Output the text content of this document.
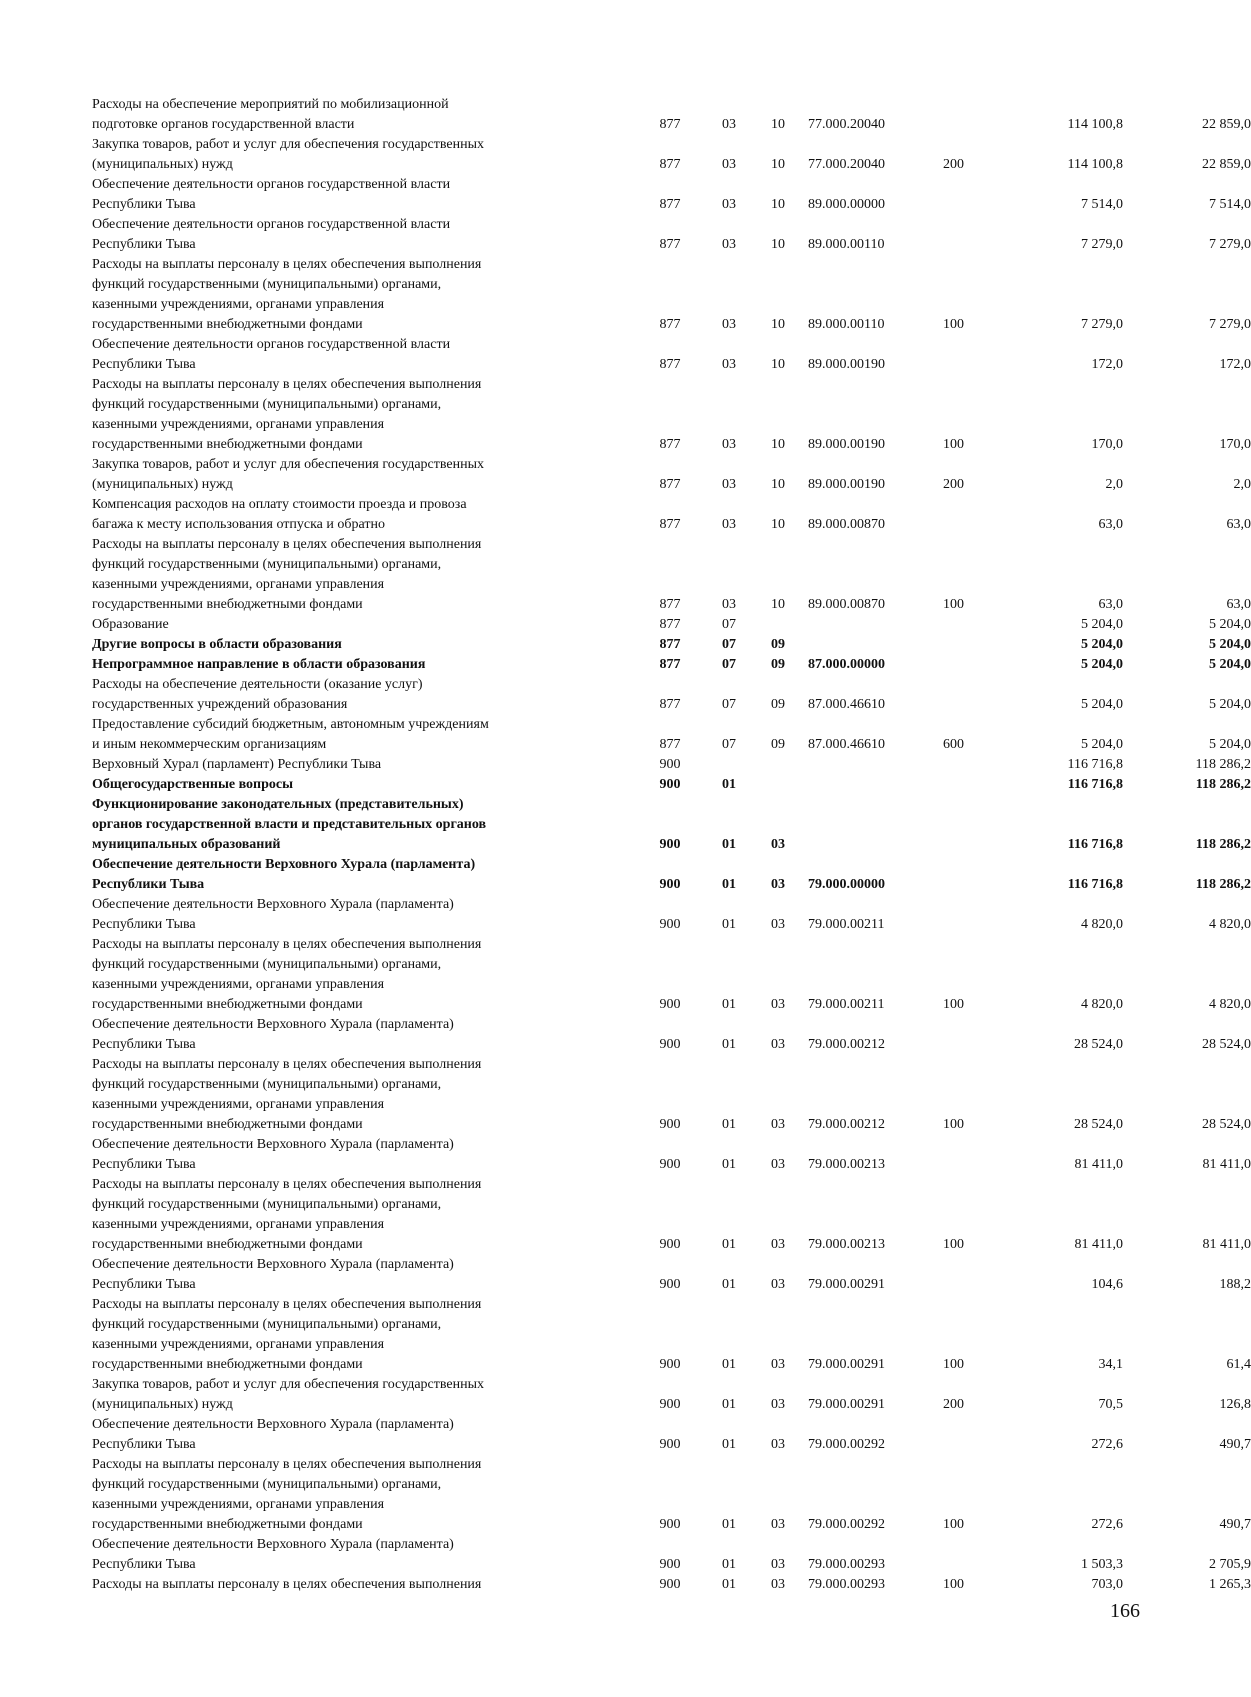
Расходы на обеспечение мероприятий по мобилизационной
подготовке органов государственной власти	877	03	10	77.000.20040		114 100,8	22 859,0

Закупка товаров, работ и услуг для обеспечения государственных
(муниципальных) нужд	877	03	10	77.000.20040	200	114 100,8	22 859,0

Обеспечение деятельности органов государственной власти
Республики Тыва	877	03	10	89.000.00000		7 514,0	7 514,0

Обеспечение деятельности органов государственной власти
Республики Тыва	877	03	10	89.000.00110		7 279,0	7 279,0

Расходы на выплаты персоналу в целях обеспечения выполнения
функций государственными (муниципальными) органами,
казенными учреждениями, органами управления
государственными внебюджетными фондами	877	03	10	89.000.00110	100	7 279,0	7 279,0

Обеспечение деятельности органов государственной власти
Республики Тыва	877	03	10	89.000.00190		172,0	172,0

Расходы на выплаты персоналу в целях обеспечения выполнения
функций государственными (муниципальными) органами,
казенными учреждениями, органами управления
государственными внебюджетными фондами	877	03	10	89.000.00190	100	170,0	170,0

Закупка товаров, работ и услуг для обеспечения государственных
(муниципальных) нужд	877	03	10	89.000.00190	200	2,0	2,0

Компенсация расходов на оплату стоимости проезда и провоза
багажа к месту использования отпуска и обратно	877	03	10	89.000.00870		63,0	63,0

Расходы на выплаты персоналу в целях обеспечения выполнения
функций государственными (муниципальными) органами,
казенными учреждениями, органами управления
государственными внебюджетными фондами	877	03	10	89.000.00870	100	63,0	63,0

Образование	877	07				5 204,0	5 204,0

Другие вопросы в области образования	877	07	09			5 204,0	5 204,0

Непрограммное направление в области образования	877	07	09	87.000.00000		5 204,0	5 204,0

Расходы на обеспечение деятельности (оказание услуг)
государственных учреждений образования	877	07	09	87.000.46610		5 204,0	5 204,0

Предоставление субсидий бюджетным, автономным учреждениям
и иным некоммерческим организациям	877	07	09	87.000.46610	600	5 204,0	5 204,0

Верховный Хурал (парламент) Республики Тыва	900					116 716,8	118 286,2

Общегосударственные вопросы	900	01				116 716,8	118 286,2

Функционирование законодательных (представительных)
органов государственной власти и представительных органов
муниципальных образований	900	01	03			116 716,8	118 286,2

Обеспечение деятельности Верховного Хурала (парламента)
Республики Тыва	900	01	03	79.000.00000		116 716,8	118 286,2

Обеспечение деятельности Верховного Хурала (парламента)
Республики Тыва	900	01	03	79.000.00211		4 820,0	4 820,0

Расходы на выплаты персоналу в целях обеспечения выполнения
функций государственными (муниципальными) органами,
казенными учреждениями, органами управления
государственными внебюджетными фондами	900	01	03	79.000.00211	100	4 820,0	4 820,0

Обеспечение деятельности Верховного Хурала (парламента)
Республики Тыва	900	01	03	79.000.00212		28 524,0	28 524,0

Расходы на выплаты персоналу в целях обеспечения выполнения
функций государственными (муниципальными) органами,
казенными учреждениями, органами управления
государственными внебюджетными фондами	900	01	03	79.000.00212	100	28 524,0	28 524,0

Обеспечение деятельности Верховного Хурала (парламента)
Республики Тыва	900	01	03	79.000.00213		81 411,0	81 411,0

Расходы на выплаты персоналу в целях обеспечения выполнения
функций государственными (муниципальными) органами,
казенными учреждениями, органами управления
государственными внебюджетными фондами	900	01	03	79.000.00213	100	81 411,0	81 411,0

Обеспечение деятельности Верховного Хурала (парламента)
Республики Тыва	900	01	03	79.000.00291		104,6	188,2

Расходы на выплаты персоналу в целях обеспечения выполнения
функций государственными (муниципальными) органами,
казенными учреждениями, органами управления
государственными внебюджетными фондами	900	01	03	79.000.00291	100	34,1	61,4

Закупка товаров, работ и услуг для обеспечения государственных
(муниципальных) нужд	900	01	03	79.000.00291	200	70,5	126,8

Обеспечение деятельности Верховного Хурала (парламента)
Республики Тыва	900	01	03	79.000.00292		272,6	490,7

Расходы на выплаты персоналу в целях обеспечения выполнения
функций государственными (муниципальными) органами,
казенными учреждениями, органами управления
государственными внебюджетными фондами	900	01	03	79.000.00292	100	272,6	490,7

Обеспечение деятельности Верховного Хурала (парламента)
Республики Тыва	900	01	03	79.000.00293		1 503,3	2 705,9

Расходы на выплаты персоналу в целях обеспечения выполнения	900	01	03	79.000.00293	100	703,0	1 265,3
166
